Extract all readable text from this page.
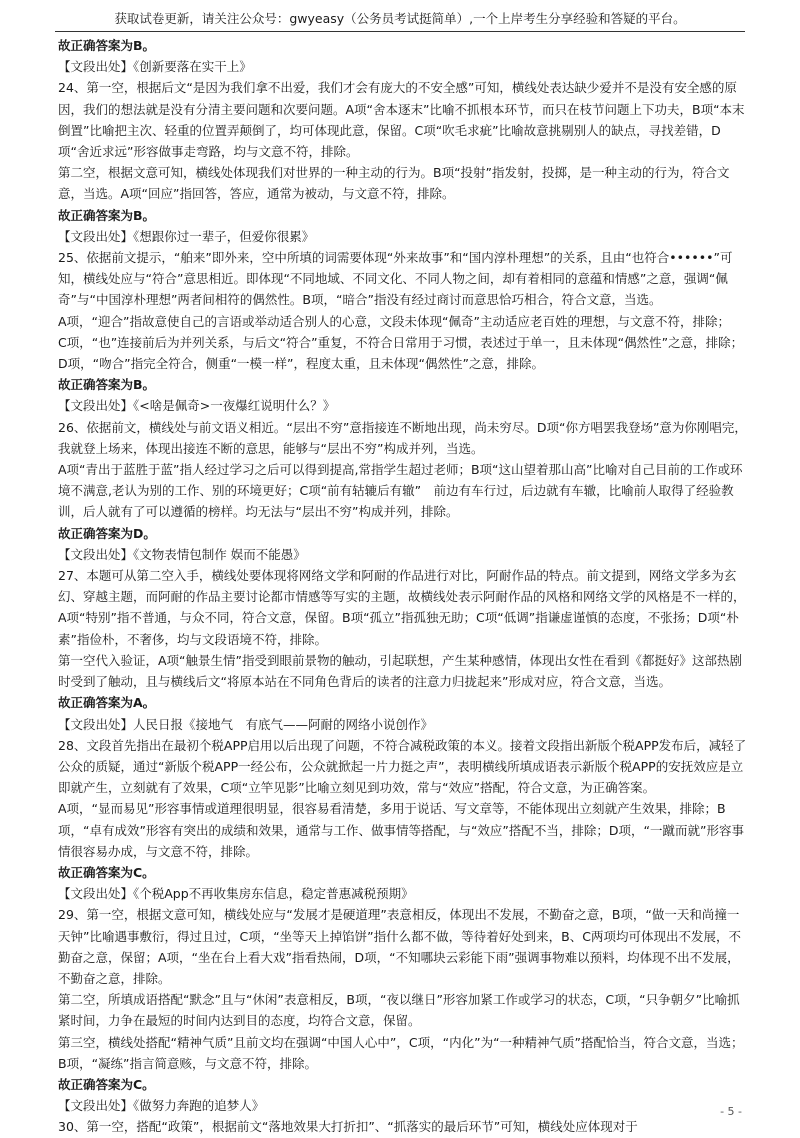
获取试卷更新，请关注公众号：gwyeasy（公务员考试挺简单）,一个上岸考生分享经验和答疑的平台。
故正确答案为B。
【文段出处】《创新要落在实干上》
24、第一空，根据后文“是因为我们拿不出爱，我们才会有庞大的不安全感”可知，横线处表达缺少爱并不是没有安全感的原因，我们的想法就是没有分清主要问题和次要问题。A项“舍本逐末”比喻不抓根本环节，而只在枝节问题上下功夫，B项“本末倒置”比喻把主次、轻重的位置弄颠倒了，均可体现此意，保留。C项“吹毛求疵”比喻故意挑剔别人的缺点，寻找差错，D项“舍近求远”形容做事走弯路，均与文意不符，排除。
第二空，根据文意可知，横线处体现我们对世界的一种主动的行为。B项“投射”指发射，投掷，是一种主动的行为，符合文意，当选。A项“回应”指回答，答应，通常为被动，与文意不符，排除。
故正确答案为B。
【文段出处】《想跟你过一辈子，但爱你很累》
25、依据前文提示，“舶来”即外来，空中所填的词需要体现“外来故事”和“国内淳朴理想”的关系，且由“也符合••••••”可知，横线处应与“符合”意思相近。即体现“不同地域、不同文化、不同人物之间，却有着相同的意蕴和情感”之意，强调“佩奇”与“中国淳朴理想”两者间相符的偶然性。B项，“暗合”指没有经过商讨而意思恰巧相合，符合文意，当选。
A项，“迎合”指故意使自己的言语或举动适合别人的心意，文段未体现“佩奇”主动适应老百姓的理想，与文意不符，排除；
C项，“也”连接前后为并列关系，与后文“符合”重复，不符合日常用于习惯，表述过于单一，且未体现“偶然性”之意，排除；
D项，“吻合”指完全符合，侧重“一模一样”，程度太重，且未体现“偶然性”之意，排除。
故正确答案为B。
【文段出处】《<啥是佩奇>一夜爆红说明什么？》
26、依据前文，横线处与前文语义相近。“层出不穷”意指接连不断地出现，尚未穷尽。D项“你方唱罢我登场”意为你刚唱完，我就登上场来，体现出接连不断的意思，能够与“层出不穷”构成并列，当选。
A项“青出于蓝胜于蓝”指人经过学习之后可以得到提高,常指学生超过老师；B项“这山望着那山高”比喻对自己目前的工作或环境不满意,老认为别的工作、别的环境更好；C项“前有轱辘后有辙”　前边有车行过，后边就有车辙，比喻前人取得了经验教训，后人就有了可以遵循的榜样。均无法与“层出不穷”构成并列，排除。
故正确答案为D。
【文段出处】《文物表情包制作 娱而不能愚》
27、本题可从第二空入手，横线处要体现将网络文学和阿耐的作品进行对比，阿耐作品的特点。前文提到，网络文学多为玄幻、穿越主题，而阿耐的作品主要讨论都市情感等写实的主题，故横线处表示阿耐作品的风格和网络文学的风格是不一样的，A项“特别”指不普通，与众不同，符合文意，保留。B项“孤立”指孤独无助；C项“低调”指谦虚谨慎的态度，不张扬；D项“朴素”指俭朴，不奢侈，均与文段语境不符，排除。
第一空代入验证，A项“触景生情”指受到眼前景物的触动，引起联想，产生某种感情，体现出女性在看到《都挺好》这部热剧时受到了触动，且与横线后文“将原本站在不同角色背后的读者的注意力归拢起来”形成对应，符合文意，当选。
故正确答案为A。
【文段出处】人民日报《接地气　有底气——阿耐的网络小说创作》
28、文段首先指出在最初个税APP启用以后出现了问题，不符合减税政策的本义。接着文段指出新版个税APP发布后，减轻了公众的质疑，通过“新版个税APP一经公布，公众就掀起一片力挺之声”，表明横线所填成语表示新版个税APP的安抚效应是立即就产生，立刻就有了效果，C项“立竿见影”比喻立刻见到功效，常与“效应”搭配，符合文意，为正确答案。
A项，“显而易见”形容事情或道理很明显，很容易看清楚，多用于说话、写文章等，不能体现出立刻就产生效果，排除；B项，“卓有成效”形容有突出的成绩和效果，通常与工作、做事情等搭配，与“效应”搭配不当，排除；D项，“一蹴而就”形容事情很容易办成，与文意不符，排除。
故正确答案为C。
【文段出处】《个税App不再收集房东信息，稳定普惠减税预期》
29、第一空，根据文意可知，横线处应与“发展才是硬道理”表意相反，体现出不发展，不勤奋之意，B项，“做一天和尚撞一天钟”比喻遇事敷衍，得过且过，C项，“坐等天上掉馅饼”指什么都不做，等待着好处到来，B、C两项均可体现出不发展，不勤奋之意，保留；A项，“坐在台上看大戏”指看热闹，D项，“不知哪块云彩能下雨”强调事物难以预料，均体现不出不发展，不勤奋之意，排除。
第二空，所填成语搭配“默念”且与“休闲”表意相反，B项，“夜以继日”形容加紧工作或学习的状态，C项，“只争朝夕”比喻抓紧时间，力争在最短的时间内达到目的态度，均符合文意，保留。
第三空，横线处搭配“精神气质”且前文均在强调“中国人心中”，C项，“内化”为“一种精神气质”搭配恰当，符合文意，当选；B项，“凝练”指言简意赅，与文意不符，排除。
故正确答案为C。
【文段出处】《做努力奔跑的追梦人》
30、第一空，搭配“政策”，根据前文“落地效果大打折扣”、“抓落实的最后环节”可知，横线处应体现对于
- 5 -
